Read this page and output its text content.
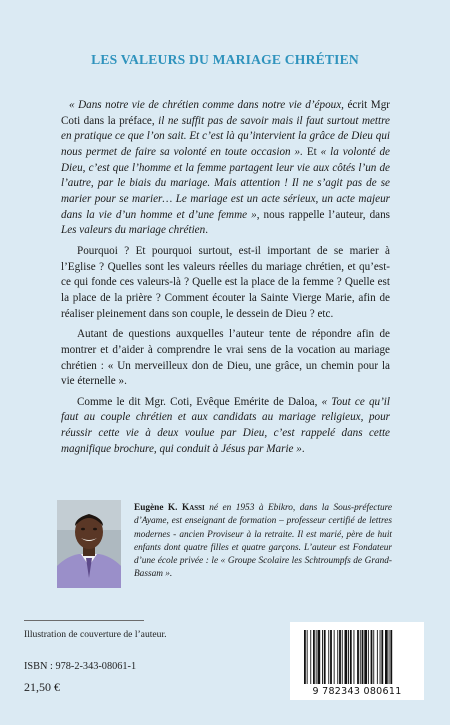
LES VALEURS DU MARIAGE CHRÉTIEN

« Dans notre vie de chrétien comme dans notre vie d’époux, écrit Mgr Coti dans la préface, il ne suffit pas de savoir mais il faut surtout mettre en pratique ce que l’on sait. Et c’est là qu’intervient la grâce de Dieu qui nous permet de faire sa volonté en toute occasion ». Et « la volonté de Dieu, c’est que l’homme et la femme partagent leur vie aux côtés l’un de l’autre, par le biais du mariage. Mais attention ! Il ne s’agit pas de se marier pour se marier… Le mariage est un acte sérieux, un acte majeur dans la vie d’un homme et d’une femme », nous rappelle l’auteur, dans Les valeurs du mariage chrétien.

Pourquoi ? Et pourquoi surtout, est-il important de se marier à l’Eglise ? Quelles sont les valeurs réelles du mariage chrétien, et qu’est-ce qui fonde ces valeurs-là ? Quelle est la place de la femme ? Quelle est la place de la prière ? Comment écouter la Sainte Vierge Marie, afin de réaliser pleinement dans son couple, le dessein de Dieu ? etc.

Autant de questions auxquelles l’auteur tente de répondre afin de montrer et d’aider à comprendre le vrai sens de la vocation au mariage chrétien : « Un merveilleux don de Dieu, une grâce, un chemin pour la vie éternelle ».

Comme le dit Mgr. Coti, Evêque Emérite de Daloa, « Tout ce qu’il faut au couple chrétien et aux candidats au mariage religieux, pour réussir cette vie à deux voulue par Dieu, c’est rappelé dans cette magnifique brochure, qui conduit à Jésus par Marie ».

Eugène K. Kassi né en 1953 à Ebikro, dans la Sous-préfecture d’Ayame, est enseignant de formation – professeur certifié de lettres modernes - ancien Proviseur à la retraite. Il est marié, père de huit enfants dont quatre filles et quatre garçons. L’auteur est Fondateur d’une école privée : le « Groupe Scolaire les Schtroumpfs de Grand-Bassam ».
Illustration de couverture de l’auteur.
ISBN : 978-2-343-08061-1
21,50 €	9 782343 080611
